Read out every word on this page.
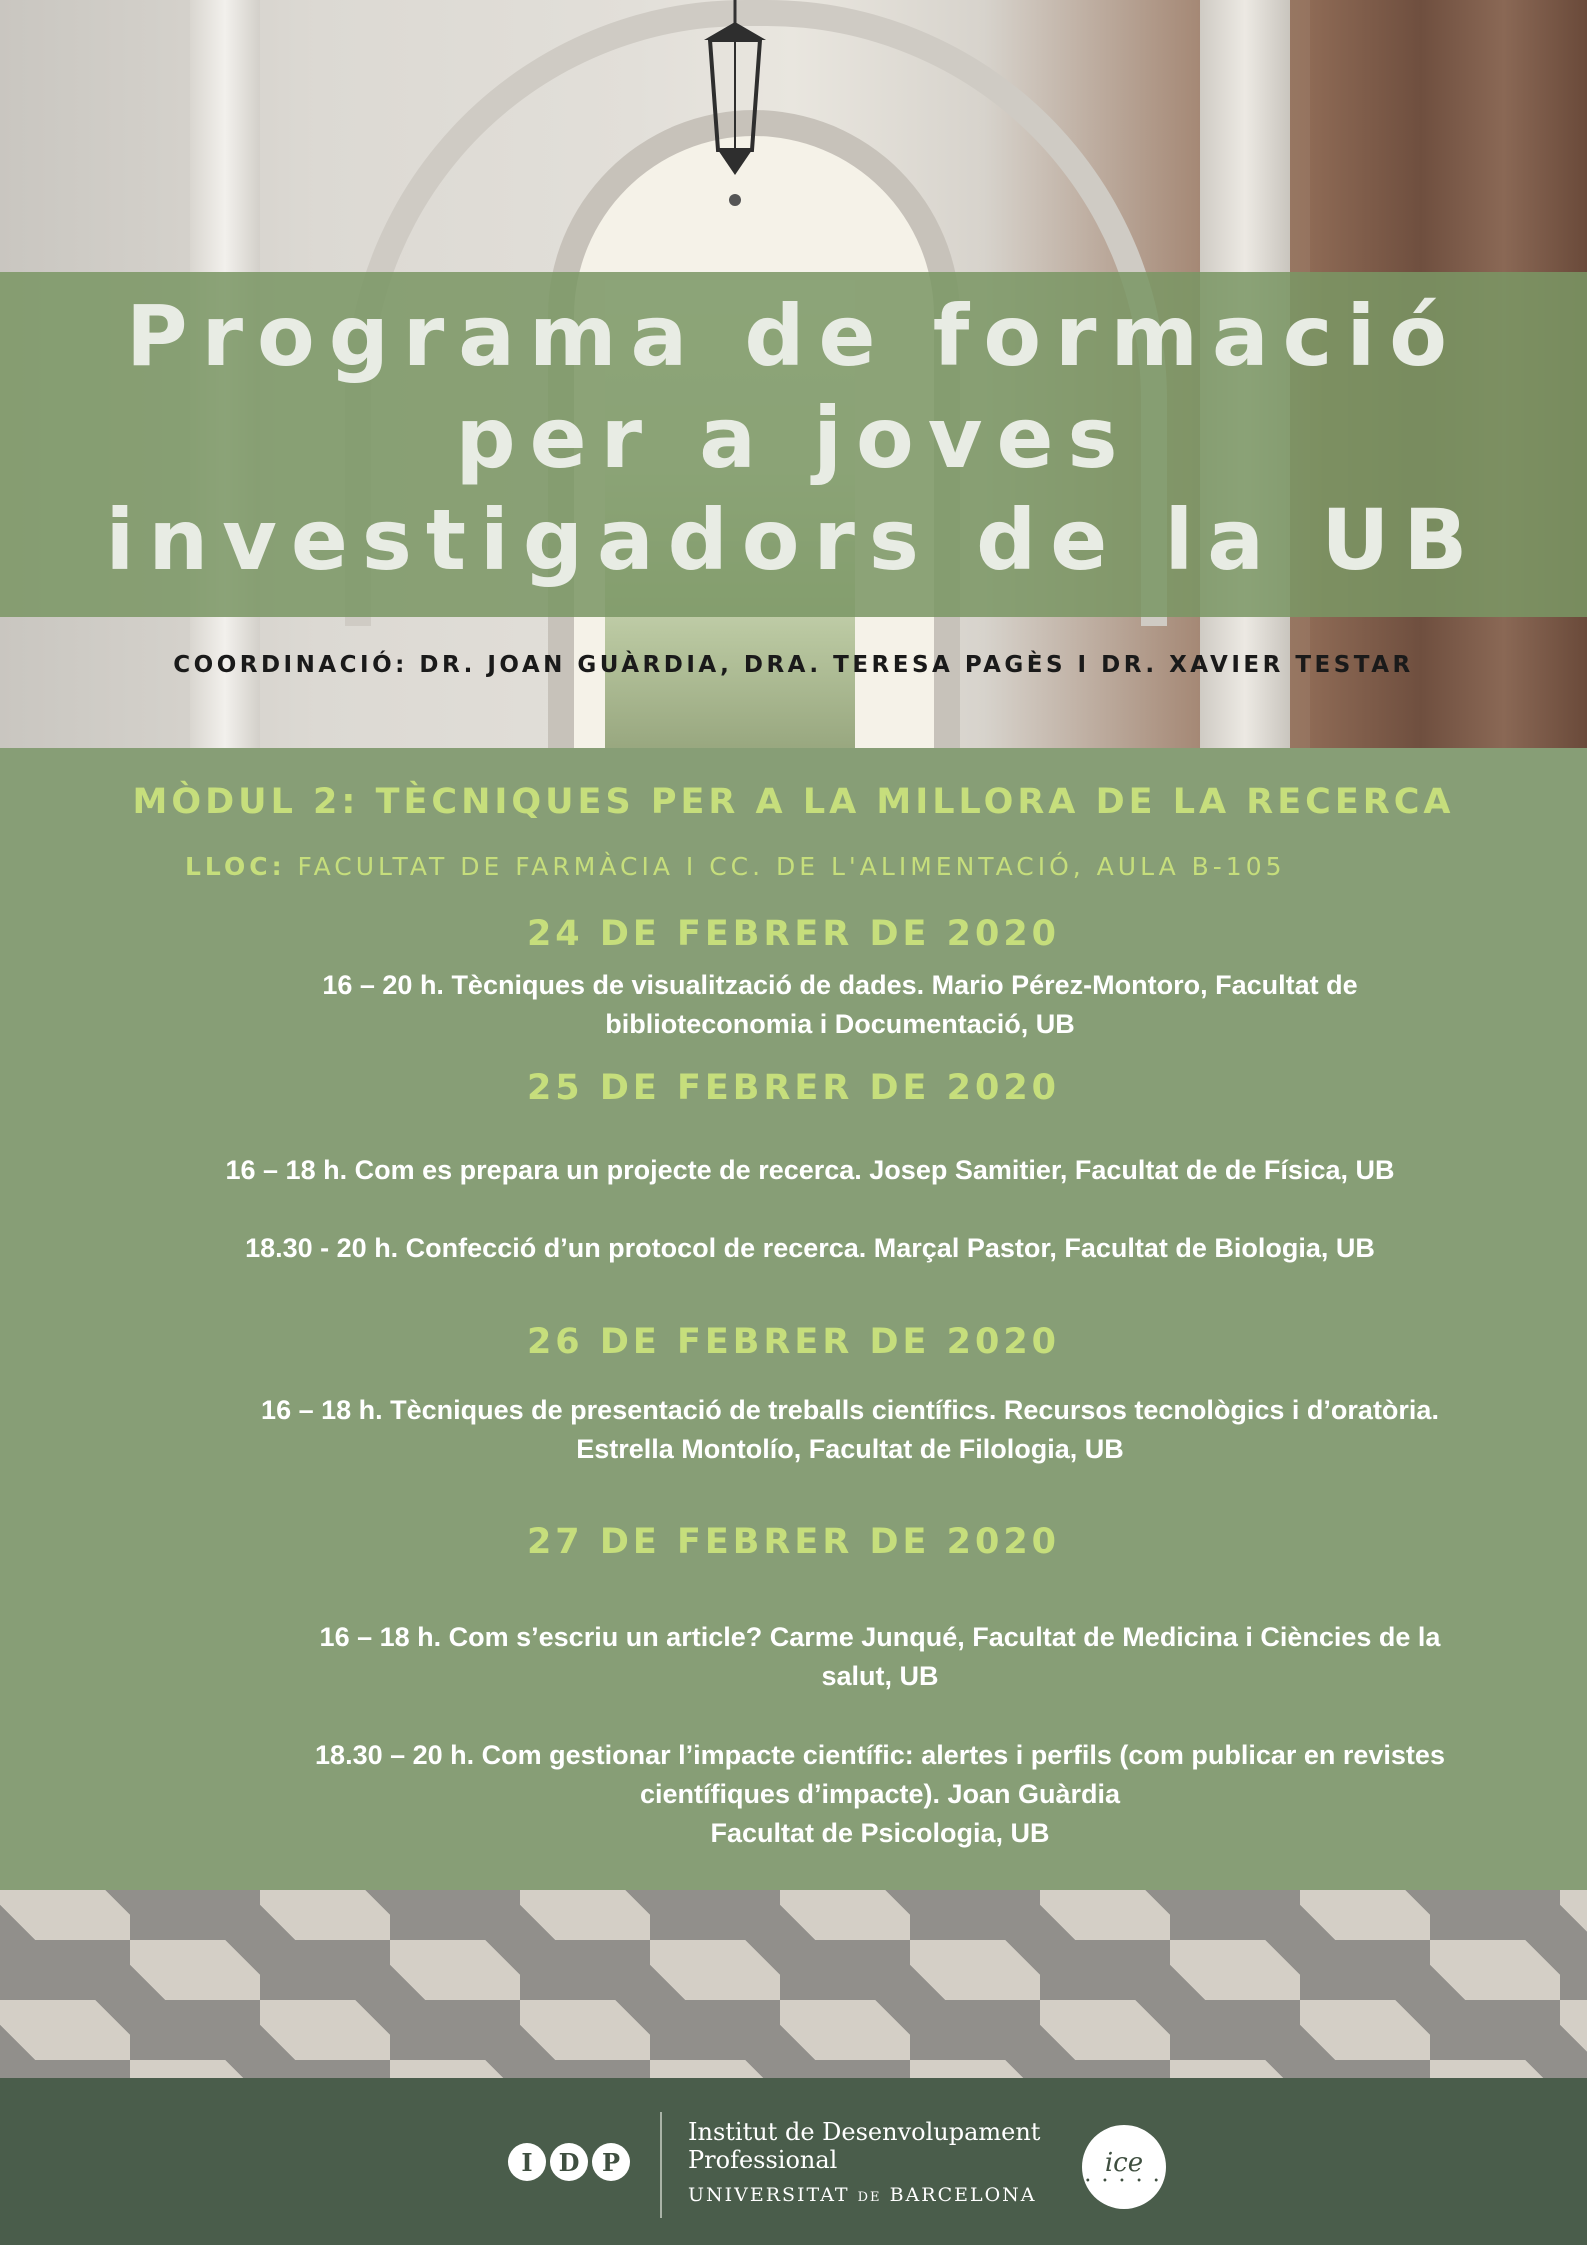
Programa de formació
per a joves
investigadors de la UB
COORDINACIÓ: DR. JOAN GUÀRDIA, DRA. TERESA PAGÈS I DR. XAVIER TESTAR
MÒDUL 2: TÈCNIQUES PER A LA MILLORA DE LA RECERCA
LLOC: FACULTAT DE FARMÀCIA I CC. DE L'ALIMENTACIÓ, AULA B-105
24 DE FEBRER DE 2020
16 – 20 h. Tècniques de visualització de dades. Mario Pérez-Montoro, Facultat de
biblioteconomia i Documentació, UB
25 DE FEBRER DE 2020
16 – 18 h. Com es prepara un projecte de recerca. Josep Samitier, Facultat de de Física, UB
18.30 - 20 h. Confecció d’un protocol de recerca. Marçal Pastor, Facultat de Biologia, UB
26 DE FEBRER DE 2020
16 – 18 h. Tècniques de presentació de treballs científics. Recursos tecnològics i d’oratòria.
Estrella Montolío, Facultat de Filologia, UB
27 DE FEBRER DE 2020
16 – 18 h. Com s’escriu un article? Carme Junqué, Facultat de Medicina i Ciències de la
salut, UB
18.30 – 20 h. Com gestionar l’impacte científic: alertes i perfils (com publicar en revistes
científiques d’impacte). Joan Guàrdia
Facultat de Psicologia, UB
I	D P
Institut de Desenvolupament
Professional
UNIVERSITAT DE BARCELONA
ice
• • • • •
